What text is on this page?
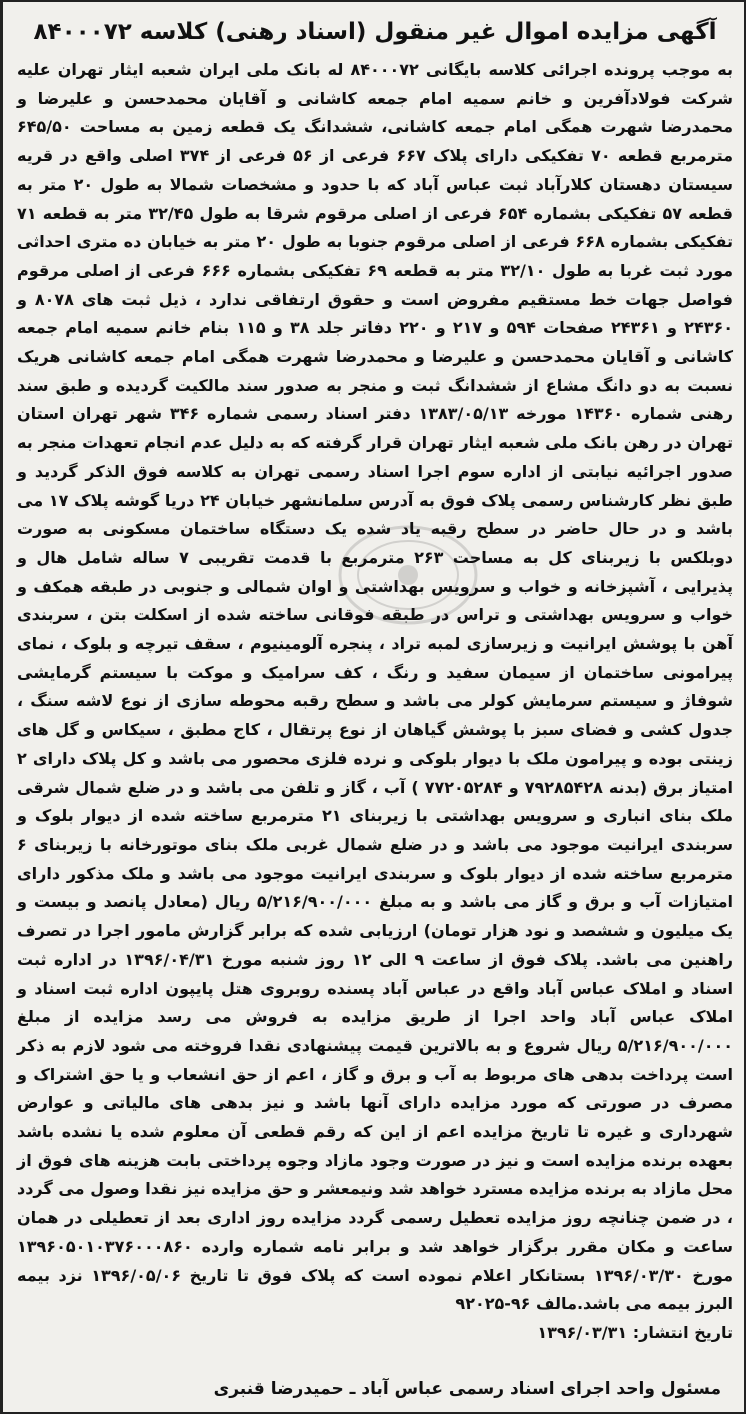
آگهی مزایده اموال غیر منقول (اسناد رهنی) کلاسه ۸۴۰۰۰۷۲

به موجب پرونده اجرائی کلاسه بایگانی ۸۴۰۰۰۷۲ له بانک ملی ایران شعبه ایثار تهران علیه شرکت فولادآفرین و خانم سمیه امام جمعه کاشانی و آقایان محمدحسن و علیرضا و محمدرضا شهرت همگی امام جمعه کاشانی، ششدانگ یک قطعه زمین به مساحت ۶۴۵/۵۰ مترمربع قطعه ۷۰ تفکیکی دارای پلاک ۶۶۷ فرعی از ۵۶ فرعی از ۳۷۴ اصلی واقع در قریه سیستان دهستان کلارآباد ثبت عباس آباد که با حدود و مشخصات شمالا به طول ۲۰ متر به قطعه ۵۷ تفکیکی بشماره ۶۵۴ فرعی از اصلی مرقوم شرقا به طول ۳۲/۴۵ متر به قطعه ۷۱ تفکیکی بشماره ۶۶۸ فرعی از اصلی مرقوم جنوبا به طول ۲۰ متر به خیابان ده متری احداثی مورد ثبت غربا به طول ۳۲/۱۰ متر به قطعه ۶۹ تفکیکی بشماره ۶۶۶ فرعی از اصلی مرقوم فواصل جهات خط مستقیم مفروض است و حقوق ارتفاقی ندارد ، ذیل ثبت های ۸۰۷۸ و ۲۴۳۶۰ و ۲۴۳۶۱ صفحات ۵۹۴ و ۲۱۷ و ۲۲۰ دفاتر جلد ۳۸ و ۱۱۵ بنام خانم سمیه امام جمعه کاشانی و آقایان محمدحسن و علیرضا و محمدرضا شهرت همگی امام جمعه کاشانی هریک نسبت به دو دانگ مشاع از ششدانگ ثبت و منجر به صدور سند مالکیت گردیده و طبق سند رهنی شماره ۱۴۳۶۰ مورخه ۱۳۸۳/۰۵/۱۳ دفتر اسناد رسمی شماره ۳۴۶ شهر تهران استان تهران در رهن بانک ملی شعبه ایثار تهران قرار گرفته که به دلیل عدم انجام تعهدات منجر به صدور اجرائیه نیابتی از اداره سوم اجرا اسناد رسمی تهران به کلاسه فوق الذکر گردید و طبق نظر کارشناس رسمی پلاک فوق به آدرس سلمانشهر خیابان ۲۴ دریا گوشه پلاک ۱۷ می باشد و در حال حاضر در سطح رقبه یاد شده یک دستگاه ساختمان مسکونی به صورت دوبلکس با زیربنای کل به مساحت ۲۶۳ مترمربع با قدمت تقریبی ۷ ساله شامل هال و پذیرایی ، آشپزخانه و خواب و سرویس بهداشتی و اوان شمالی و جنوبی در طبقه همکف و خواب و سرویس بهداشتی و تراس در طبقه فوقانی ساخته شده از اسکلت بتن ، سربندی آهن با پوشش ایرانیت و زیرسازی لمبه تراد ، پنجره آلومینیوم ، سقف تیرچه و بلوک ، نمای پیرامونی ساختمان از سیمان سفید و رنگ ، کف سرامیک و موکت با سیستم گرمایشی شوفاژ و سیستم سرمایش کولر می باشد و سطح رقبه محوطه سازی از نوع لاشه سنگ ، جدول کشی و فضای سبز با پوشش گیاهان از نوع پرتقال ، کاج مطبق ، سیکاس و گل های زینتی بوده و پیرامون ملک با دیوار بلوکی و نرده فلزی محصور می باشد و کل پلاک دارای ۲ امتیاز برق (بدنه ۷۹۲۸۵۴۲۸ و ۷۷۲۰۵۲۸۴ ) آب ، گاز و تلفن می باشد و در ضلع شمال شرقی ملک بنای انباری و سرویس بهداشتی با زیربنای ۲۱ مترمربع ساخته شده از دیوار بلوک و سربندی ایرانیت موجود می باشد و در ضلع شمال غربی ملک بنای موتورخانه با زیربنای ۶ مترمربع ساخته شده از دیوار بلوک و سربندی ایرانیت موجود می باشد و ملک مذکور دارای امتیازات آب و برق و گاز می باشد و به مبلغ ۵/۲۱۶/۹۰۰/۰۰۰ ریال (معادل پانصد و بیست و یک میلیون و ششصد و نود هزار تومان) ارزیابی شده که برابر گزارش مامور اجرا در تصرف راهنین می باشد. پلاک فوق از ساعت ۹ الی ۱۲ روز شنبه مورخ ۱۳۹۶/۰۴/۳۱ در اداره ثبت اسناد و املاک عباس آباد واقع در عباس آباد پسنده روبروی هتل پایپون اداره ثبت اسناد و املاک عباس آباد واحد اجرا از طریق مزایده به فروش می رسد مزایده از مبلغ ۵/۲۱۶/۹۰۰/۰۰۰ ریال شروع و به بالاترین قیمت پیشنهادی نقدا فروخته می شود لازم به ذکر است پرداخت بدهی های مربوط به آب و برق و گاز ، اعم از حق انشعاب و یا حق اشتراک و مصرف در صورتی که مورد مزایده دارای آنها باشد و نیز بدهی های مالیاتی و عوارض شهرداری و غیره تا تاریخ مزایده اعم از این که رقم قطعی آن معلوم شده یا نشده باشد بعهده برنده مزایده است و نیز در صورت وجود مازاد وجوه پرداختی بابت هزینه های فوق از محل مازاد به برنده مزایده مسترد خواهد شد ونیمعشر و حق مزایده نیز نقدا وصول می گردد ، در ضمن چنانچه روز مزایده تعطیل رسمی گردد مزایده روز اداری بعد از تعطیلی در همان ساعت و مکان مقرر برگزار خواهد شد و برابر نامه شماره وارده ۱۳۹۶۰۵۰۱۰۳۷۶۰۰۰۸۶۰ مورخ ۱۳۹۶/۰۳/۳۰ بستانکار اعلام نموده است که پلاک فوق تا تاریخ ۱۳۹۶/۰۵/۰۶ نزد بیمه البرز بیمه می باشد.مالف ۹۶-۹۲۰۲۵

تاریخ انتشار: ۱۳۹۶/۰۳/۳۱

مسئول واحد اجرای اسناد رسمی عباس آباد ـ حمیدرضا قنبری
